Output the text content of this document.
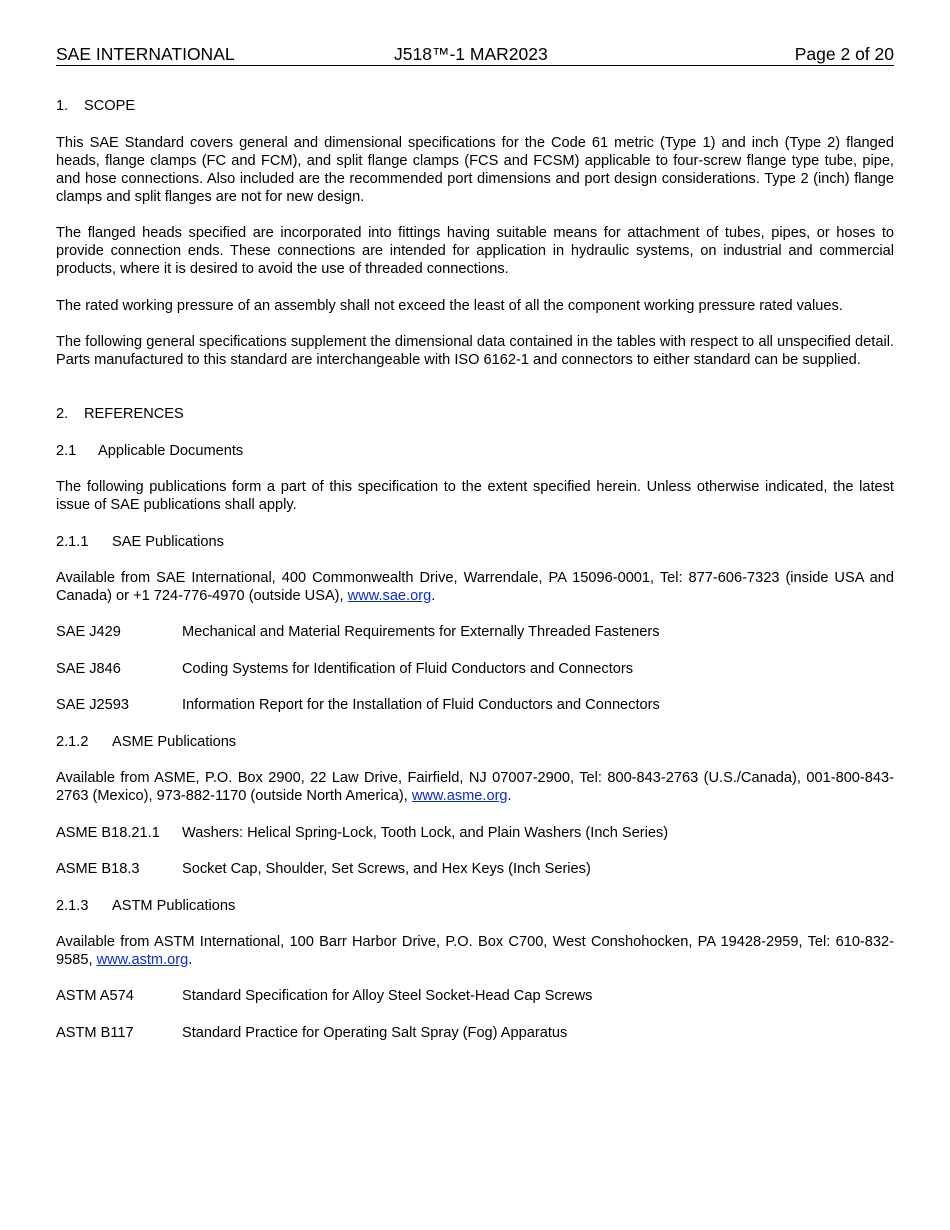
SAE INTERNATIONAL	J518™-1 MAR2023	Page 2 of 20
1. SCOPE
This SAE Standard covers general and dimensional specifications for the Code 61 metric (Type 1) and inch (Type 2) flanged heads, flange clamps (FC and FCM), and split flange clamps (FCS and FCSM) applicable to four-screw flange type tube, pipe, and hose connections. Also included are the recommended port dimensions and port design considerations. Type 2 (inch) flange clamps and split flanges are not for new design.
The flanged heads specified are incorporated into fittings having suitable means for attachment of tubes, pipes, or hoses to provide connection ends. These connections are intended for application in hydraulic systems, on industrial and commercial products, where it is desired to avoid the use of threaded connections.
The rated working pressure of an assembly shall not exceed the least of all the component working pressure rated values.
The following general specifications supplement the dimensional data contained in the tables with respect to all unspecified detail. Parts manufactured to this standard are interchangeable with ISO 6162-1 and connectors to either standard can be supplied.
2. REFERENCES
2.1 Applicable Documents
The following publications form a part of this specification to the extent specified herein. Unless otherwise indicated, the latest issue of SAE publications shall apply.
2.1.1 SAE Publications
Available from SAE International, 400 Commonwealth Drive, Warrendale, PA 15096-0001, Tel: 877-606-7323 (inside USA and Canada) or +1 724-776-4970 (outside USA), www.sae.org.
SAE J429	Mechanical and Material Requirements for Externally Threaded Fasteners
SAE J846	Coding Systems for Identification of Fluid Conductors and Connectors
SAE J2593	Information Report for the Installation of Fluid Conductors and Connectors
2.1.2 ASME Publications
Available from ASME, P.O. Box 2900, 22 Law Drive, Fairfield, NJ 07007-2900, Tel: 800-843-2763 (U.S./Canada), 001-800-843-2763 (Mexico), 973-882-1170 (outside North America), www.asme.org.
ASME B18.21.1 Washers: Helical Spring-Lock, Tooth Lock, and Plain Washers (Inch Series)
ASME B18.3	Socket Cap, Shoulder, Set Screws, and Hex Keys (Inch Series)
2.1.3 ASTM Publications
Available from ASTM International, 100 Barr Harbor Drive, P.O. Box C700, West Conshohocken, PA 19428-2959, Tel: 610-832-9585, www.astm.org.
ASTM A574	Standard Specification for Alloy Steel Socket-Head Cap Screws
ASTM B117	Standard Practice for Operating Salt Spray (Fog) Apparatus
